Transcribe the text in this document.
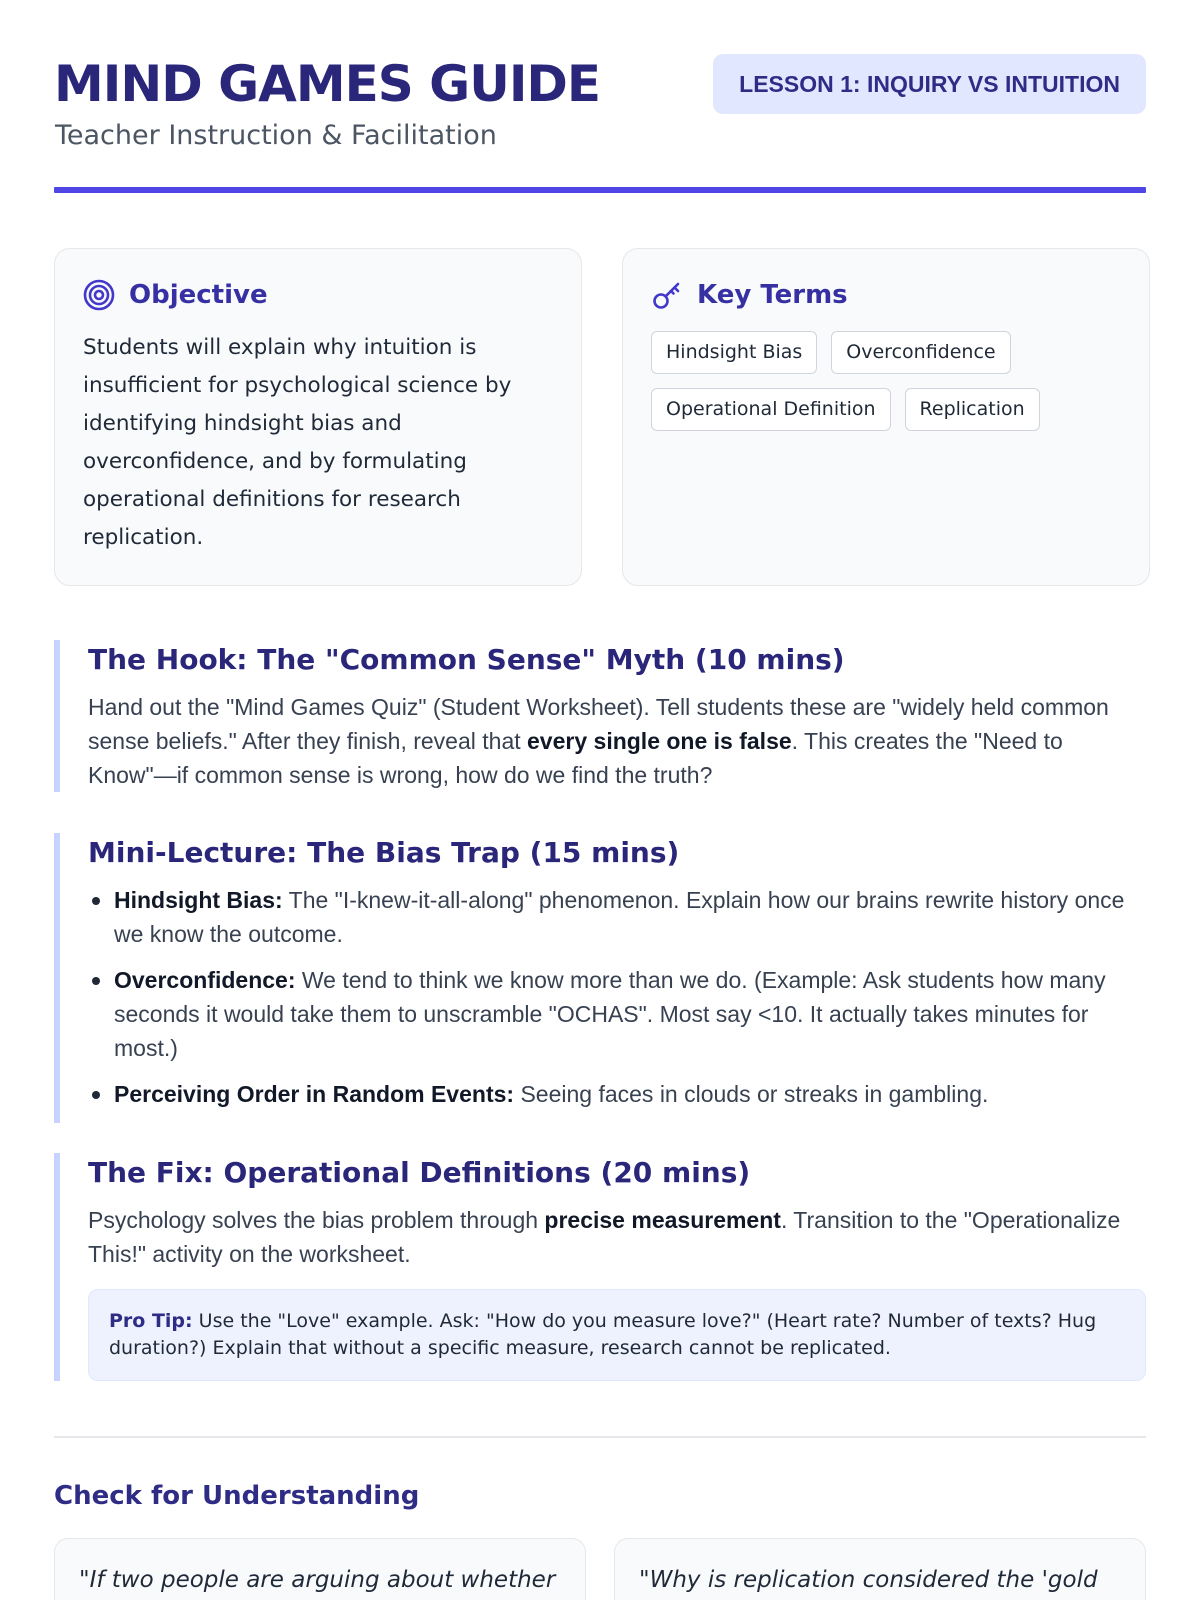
MIND GAMES GUIDE
Teacher Instruction & Facilitation
LESSON 1: INQUIRY VS INTUITION
Objective

Students will explain why intuition is insufficient for psychological science by identifying hindsight bias and overconfidence, and by formulating operational definitions for research replication.

Key Terms
Hindsight Bias	Overconfidence
Operational Definition	Replication
The Hook: The "Common Sense" Myth (10 mins)

Hand out the "Mind Games Quiz" (Student Worksheet). Tell students these are "widely held common sense beliefs." After they finish, reveal that every single one is false. This creates the "Need to Know"—if common sense is wrong, how do we find the truth?

Mini-Lecture: The Bias Trap (15 mins)
Hindsight Bias: The "I-knew-it-all-along" phenomenon. Explain how our brains rewrite history once we know the outcome.
Overconfidence: We tend to think we know more than we do. (Example: Ask students how many seconds it would take them to unscramble "OCHAS". Most say <10. It actually takes minutes for most.)
Perceiving Order in Random Events: Seeing faces in clouds or streaks in gambling.
The Fix: Operational Definitions (20 mins)

Psychology solves the bias problem through precise measurement. Transition to the "Operationalize This!" activity on the worksheet.

Pro Tip: Use the "Love" example. Ask: "How do you measure love?" (Heart rate? Number of texts? Hug duration?) Explain that without a specific measure, research cannot be replicated.
Check for Understanding
"If two people are arguing about whether	"Why is replication considered the 'gold
